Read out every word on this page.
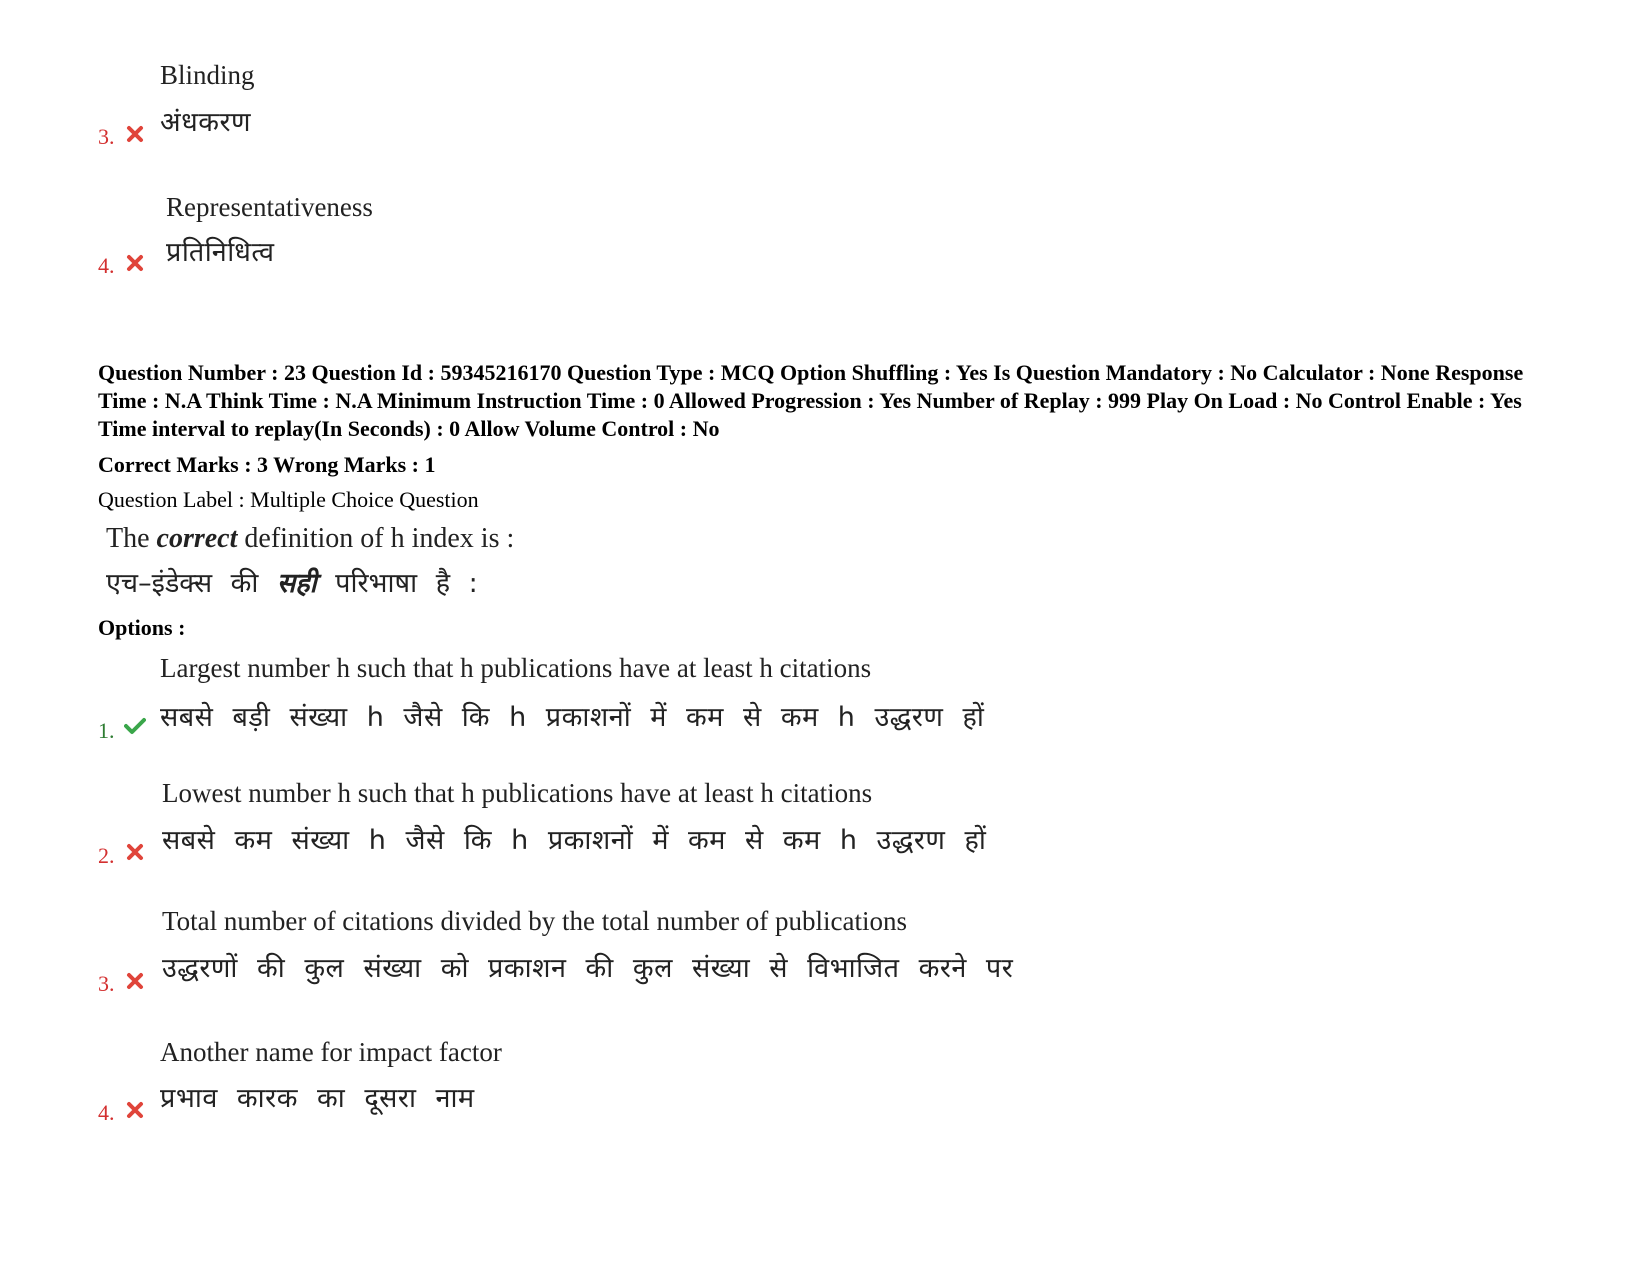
Blinding
अंधकरण
3.
Representativeness
प्रतिनिधित्व
4.
Question Number : 23 Question Id : 59345216170 Question Type : MCQ Option Shuffling : Yes Is Question Mandatory : No Calculator : None Response Time : N.A Think Time : N.A Minimum Instruction Time : 0 Allowed Progression : Yes Number of Replay : 999 Play On Load : No Control Enable : Yes Time interval to replay(In Seconds) : 0 Allow Volume Control : No
Correct Marks : 3 Wrong Marks : 1
Question Label : Multiple Choice Question
The correct definition of h index is :
एच–इंडेक्स की सही परिभाषा है :
Options :
Largest number h such that h publications have at least h citations
सबसे बड़ी संख्या h जैसे कि h प्रकाशनों में कम से कम h उद्धरण हों
1.
Lowest number h such that h publications have at least h citations
सबसे कम संख्या h जैसे कि h प्रकाशनों में कम से कम h उद्धरण हों
2.
Total number of citations divided by the total number of publications
उद्धरणों की कुल संख्या को प्रकाशन की कुल संख्या से विभाजित करने पर
3.
Another name for impact factor
प्रभाव कारक का दूसरा नाम
4.
